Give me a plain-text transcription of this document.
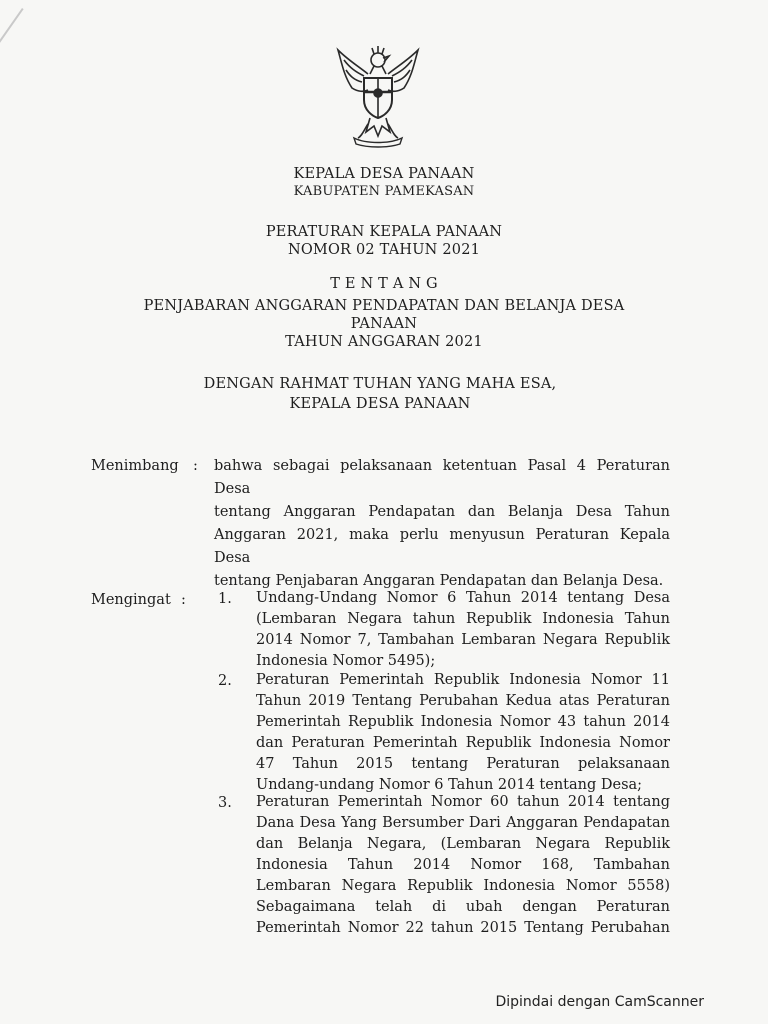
KEPALA DESA PANAAN
KABUPATEN PAMEKASAN
PERATURAN KEPALA PANAAN
NOMOR 02 TAHUN 2021
T E N T A N G
PENJABARAN ANGGARAN PENDAPATAN DAN BELANJA DESA
PANAAN
TAHUN ANGGARAN 2021
DENGAN RAHMAT TUHAN YANG MAHA ESA,
KEPALA DESA PANAAN
Menimbang : bahwa sebagai pelaksanaan ketentuan Pasal 4 Peraturan Desa
tentang Anggaran Pendapatan dan Belanja Desa Tahun
Anggaran 2021, maka perlu menyusun Peraturan Kepala Desa
tentang Penjabaran Anggaran Pendapatan dan Belanja Desa.
Mengingat : 1. Undang-Undang Nomor 6 Tahun 2014 tentang Desa
(Lembaran Negara tahun Republik Indonesia Tahun
2014 Nomor 7, Tambahan Lembaran Negara Republik
Indonesia Nomor 5495);
2. Peraturan Pemerintah Republik Indonesia Nomor 11
Tahun 2019 Tentang Perubahan Kedua atas Peraturan
Pemerintah Republik Indonesia Nomor 43 tahun 2014
dan Peraturan Pemerintah Republik Indonesia Nomor
47 Tahun 2015 tentang Peraturan pelaksanaan
Undang-undang Nomor 6 Tahun 2014 tentang Desa;
3. Peraturan Pemerintah Nomor 60 tahun 2014 tentang
Dana Desa Yang Bersumber Dari Anggaran Pendapatan
dan Belanja Negara, (Lembaran Negara Republik
Indonesia Tahun 2014 Nomor 168, Tambahan
Lembaran Negara Republik Indonesia Nomor 5558)
Sebagaimana telah di ubah dengan Peraturan
Pemerintah Nomor 22 tahun 2015 Tentang Perubahan
Dipindai dengan CamScanner
